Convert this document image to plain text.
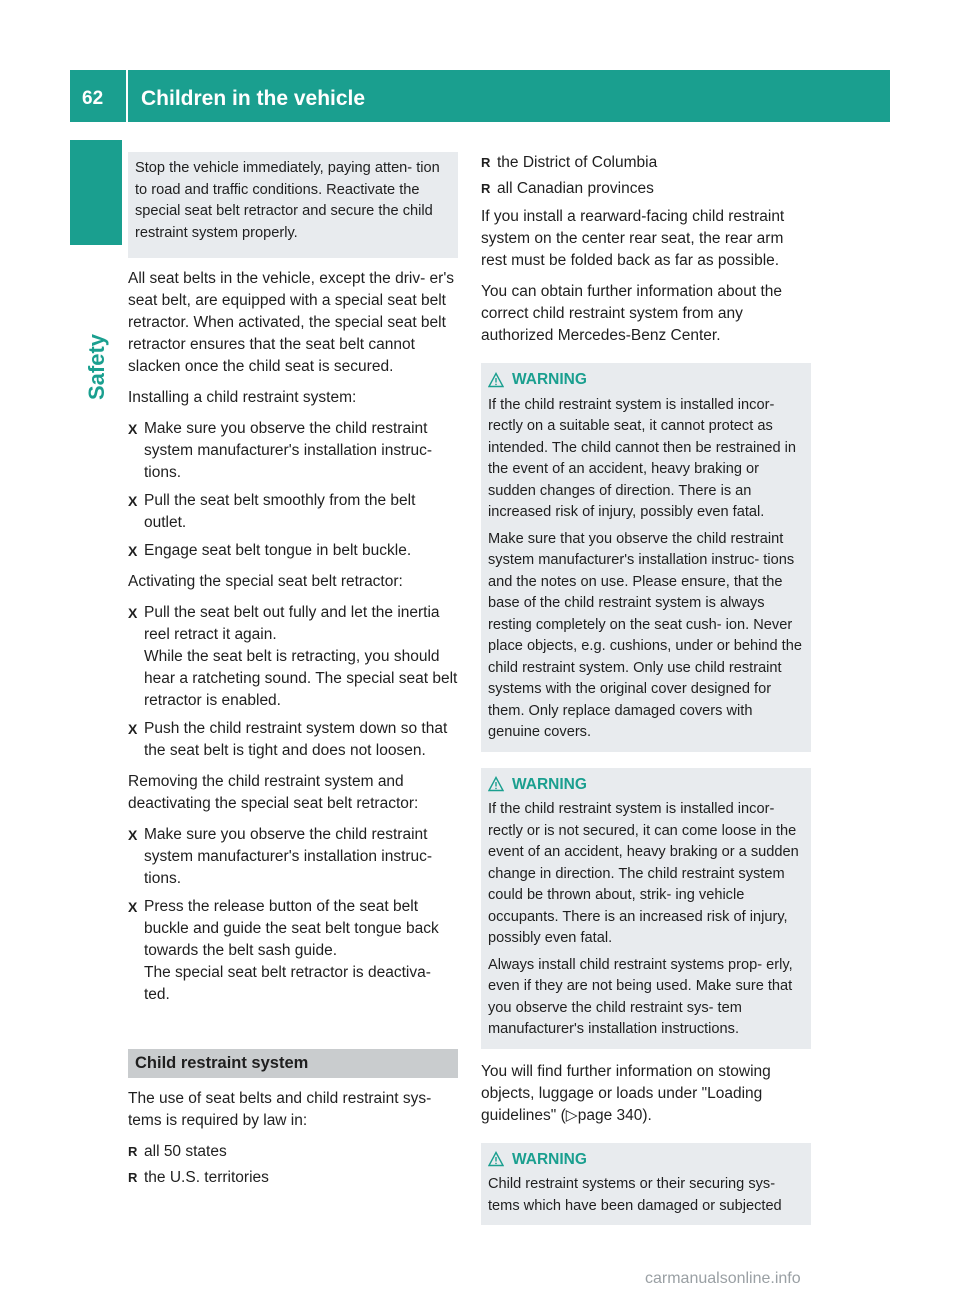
62 Children in the vehicle
Safety

Stop the vehicle immediately, paying atten- tion to road and traffic conditions. Reactivate the special seat belt retractor and secure the child restraint system properly.

All seat belts in the vehicle, except the driv- er's seat belt, are equipped with a special seat belt retractor. When activated, the special seat belt retractor ensures that the seat belt cannot slacken once the child seat is secured.

Installing a child restraint system:

X Make sure you observe the child restraint system manufacturer's installation instruc- tions.
X Pull the seat belt smoothly from the belt outlet.
X Engage seat belt tongue in belt buckle.

Activating the special seat belt retractor:

X Pull the seat belt out fully and let the inertia reel retract it again.
While the seat belt is retracting, you should hear a ratcheting sound. The special seat belt retractor is enabled.
X Push the child restraint system down so that the seat belt is tight and does not loosen.

Removing the child restraint system and deactivating the special seat belt retractor:

X Make sure you observe the child restraint system manufacturer's installation instruc- tions.
X Press the release button of the seat belt buckle and guide the seat belt tongue back towards the belt sash guide.
The special seat belt retractor is deactiva- ted.
Child restraint system

The use of seat belts and child restraint sys- tems is required by law in:

R all 50 states
R the U.S. territories
R the District of Columbia
R all Canadian provinces

If you install a rearward-facing child restraint system on the center rear seat, the rear arm rest must be folded back as far as possible.

You can obtain further information about the correct child restraint system from any authorized Mercedes-Benz Center.

WARNING

If the child restraint system is installed incor- rectly on a suitable seat, it cannot protect as intended. The child cannot then be restrained in the event of an accident, heavy braking or sudden changes of direction. There is an increased risk of injury, possibly even fatal.

Make sure that you observe the child restraint system manufacturer's installation instruc- tions and the notes on use. Please ensure, that the base of the child restraint system is always resting completely on the seat cush- ion. Never place objects, e.g. cushions, under or behind the child restraint system. Only use child restraint systems with the original cover designed for them. Only replace damaged covers with genuine covers.

WARNING

If the child restraint system is installed incor- rectly or is not secured, it can come loose in the event of an accident, heavy braking or a sudden change in direction. The child restraint system could be thrown about, strik- ing vehicle occupants. There is an increased risk of injury, possibly even fatal.

Always install child restraint systems prop- erly, even if they are not being used. Make sure that you observe the child restraint sys- tem manufacturer's installation instructions.

You will find further information on stowing objects, luggage or loads under "Loading guidelines" (▷page 340).

WARNING

Child restraint systems or their securing sys- tems which have been damaged or subjected

carmanualsonline.info
